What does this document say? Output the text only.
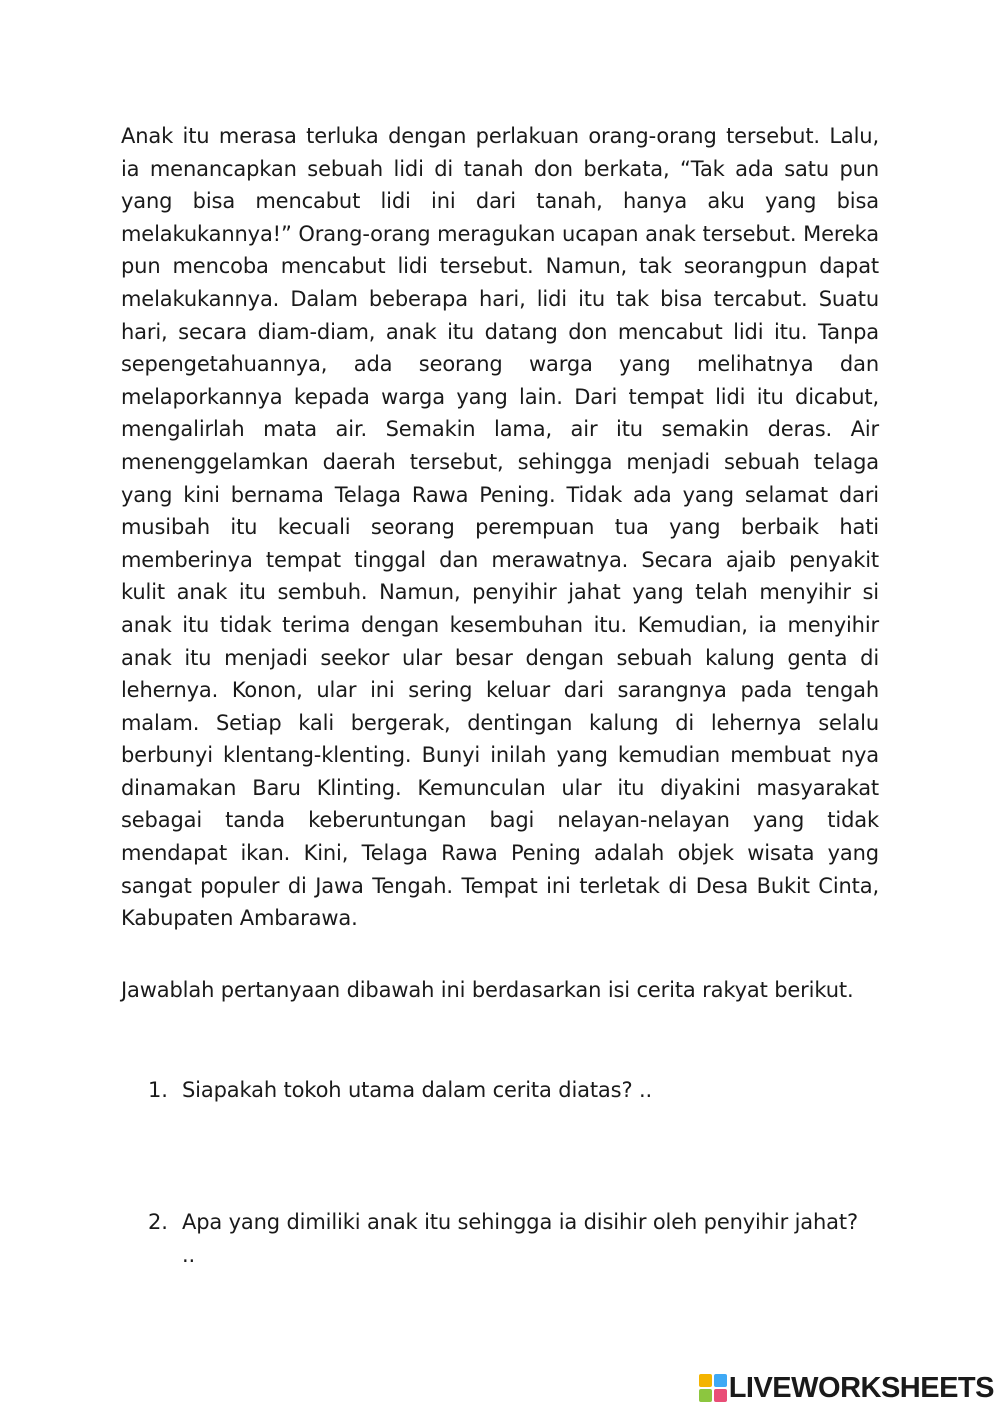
Anak itu merasa terluka dengan perlakuan orang-orang tersebut. Lalu, ia menancapkan sebuah lidi di tanah don berkata, “Tak ada satu pun yang bisa mencabut lidi ini dari tanah, hanya aku yang bisa melakukannya!” Orang-orang meragukan ucapan anak tersebut. Mereka pun mencoba mencabut lidi tersebut. Namun, tak seorangpun dapat melakukannya. Dalam beberapa hari, lidi itu tak bisa tercabut. Suatu hari, secara diam-diam, anak itu datang don mencabut lidi itu. Tanpa sepengetahuannya, ada seorang warga yang melihatnya dan melaporkannya kepada warga yang lain. Dari tempat lidi itu dicabut, mengalirlah mata air. Semakin lama, air itu semakin deras. Air menenggelamkan daerah tersebut, sehingga menjadi sebuah telaga yang kini bernama Telaga Rawa Pening. Tidak ada yang selamat dari musibah itu kecuali seorang perempuan tua yang berbaik hati memberinya tempat tinggal dan merawatnya. Secara ajaib penyakit kulit anak itu sembuh. Namun, penyihir jahat yang telah menyihir si anak itu tidak terima dengan kesembuhan itu. Kemudian, ia menyihir anak itu menjadi seekor ular besar dengan sebuah kalung genta di lehernya. Konon, ular ini sering keluar dari sarangnya pada tengah malam. Setiap kali bergerak, dentingan kalung di lehernya selalu berbunyi klentang-klenting. Bunyi inilah yang kemudian membuat nya dinamakan Baru Klinting. Kemunculan ular itu diyakini masyarakat sebagai tanda keberuntungan bagi nelayan-nelayan yang tidak mendapat ikan. Kini, Telaga Rawa Pening adalah objek wisata yang sangat populer di Jawa Tengah. Tempat ini terletak di Desa Bukit Cinta, Kabupaten Ambarawa.

Jawablah pertanyaan dibawah ini berdasarkan isi cerita rakyat berikut.

1. Siapakah tokoh utama dalam cerita diatas? ..
2. Apa yang dimiliki anak itu sehingga ia disihir oleh penyihir jahat?
..
LIVEWORKSHEETS
